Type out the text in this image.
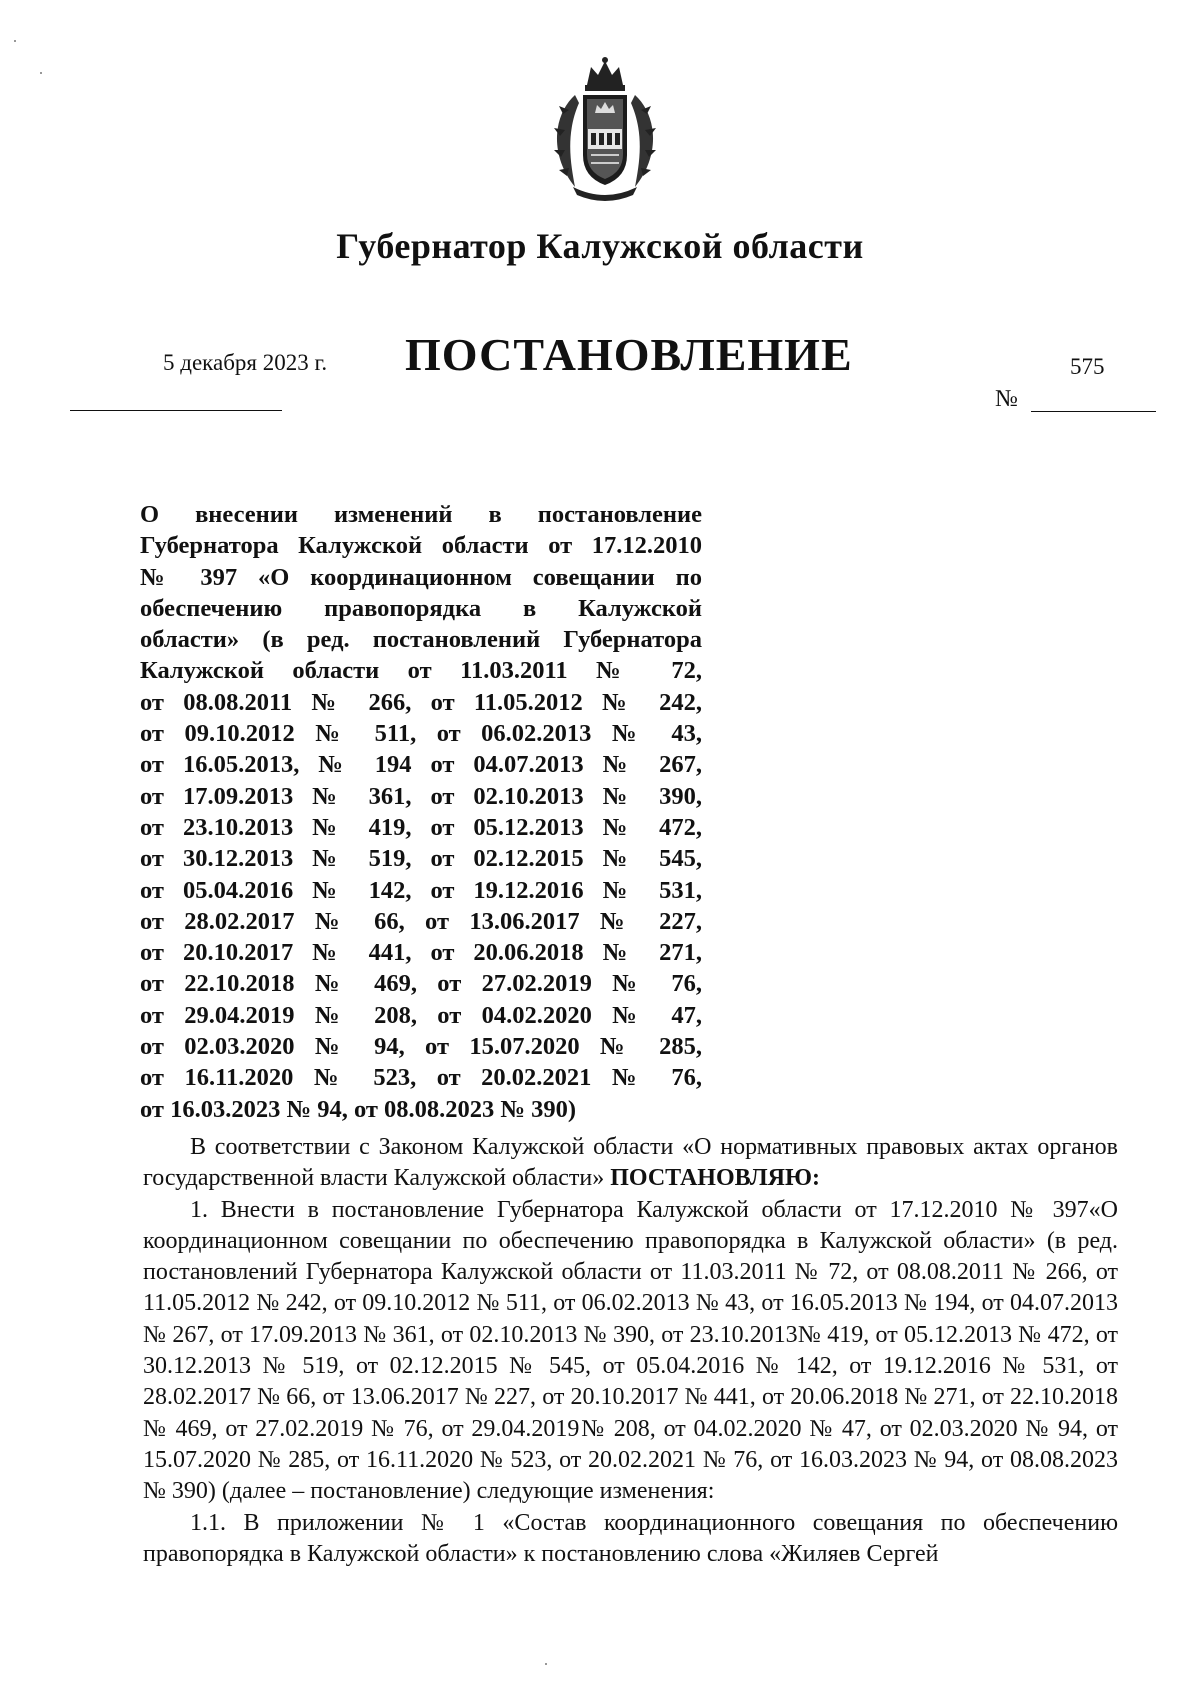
Губернатор Калужской области
5 декабря 2023 г. ПОСТАНОВЛЕНИЕ	575
№
О внесении изменений в постановление
Губернатора Калужской области от 17.12.2010
№ 397 «О координационном совещании по
обеспечению правопорядка в Калужской
области» (в ред. постановлений Губернатора
Калужской области от 11.03.2011 № 72,
от 08.08.2011 № 266, от 11.05.2012 № 242,
от 09.10.2012 № 511, от 06.02.2013 № 43,
от 16.05.2013, № 194 от 04.07.2013 № 267,
от 17.09.2013 № 361, от 02.10.2013 № 390,
от 23.10.2013 № 419, от 05.12.2013 № 472,
от 30.12.2013 № 519, от 02.12.2015 № 545,
от 05.04.2016 № 142, от 19.12.2016 № 531,
от 28.02.2017 № 66, от 13.06.2017 № 227,
от 20.10.2017 № 441, от 20.06.2018 № 271,
от 22.10.2018 № 469, от 27.02.2019 № 76,
от 29.04.2019 № 208, от 04.02.2020 № 47,
от 02.03.2020 № 94, от 15.07.2020 № 285,
от 16.11.2020 № 523, от 20.02.2021 № 76,
от 16.03.2023 № 94, от 08.08.2023 № 390)

В соответствии с Законом Калужской области «О нормативных правовых актах органов государственной власти Калужской области» ПОСТАНОВЛЯЮ:

1. Внести в постановление Губернатора Калужской области от 17.12.2010 № 397«О координационном совещании по обеспечению правопорядка в Калужской области» (в ред. постановлений Губернатора Калужской области от 11.03.2011 № 72, от 08.08.2011 № 266, от 11.05.2012 № 242, от 09.10.2012 № 511, от 06.02.2013 № 43, от 16.05.2013 № 194, от 04.07.2013 № 267, от 17.09.2013 № 361, от 02.10.2013 № 390, от 23.10.2013№ 419, от 05.12.2013 № 472, от 30.12.2013 № 519, от 02.12.2015 № 545, от 05.04.2016 № 142, от 19.12.2016 № 531, от 28.02.2017 № 66, от 13.06.2017 № 227, от 20.10.2017 № 441, от 20.06.2018 № 271, от 22.10.2018 № 469, от 27.02.2019 № 76, от 29.04.2019№ 208, от 04.02.2020 № 47, от 02.03.2020 № 94, от 15.07.2020 № 285, от 16.11.2020 № 523, от 20.02.2021 № 76, от 16.03.2023 № 94, от 08.08.2023 № 390) (далее – постановление) следующие изменения:

1.1. В приложении № 1 «Состав координационного совещания по обеспечению правопорядка в Калужской области» к постановлению слова «Жиляев Сергей
